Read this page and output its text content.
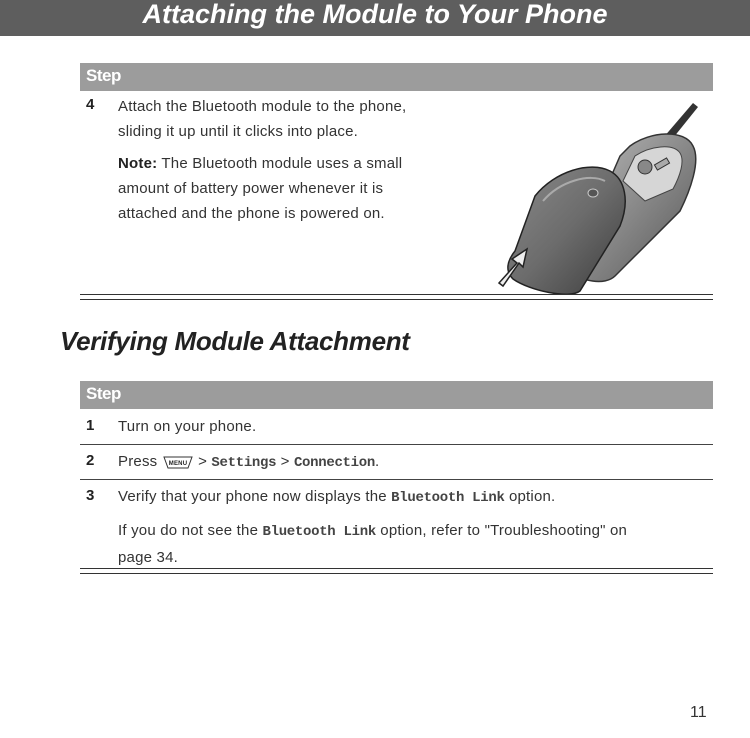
Attaching the Module to Your Phone
Step
4 Attach the Bluetooth module to the phone,
sliding it up until it clicks into place.
Note: The Bluetooth module uses a small
amount of battery power whenever it is
attached and the phone is powered on.
Verifying Module Attachment
Step
1 Turn on your phone.
2 Press MENU > Settings > Connection.
3 Verify that your phone now displays the Bluetooth Link option.
If you do not see the Bluetooth Link option, refer to "Troubleshooting" on
page 34.
11
